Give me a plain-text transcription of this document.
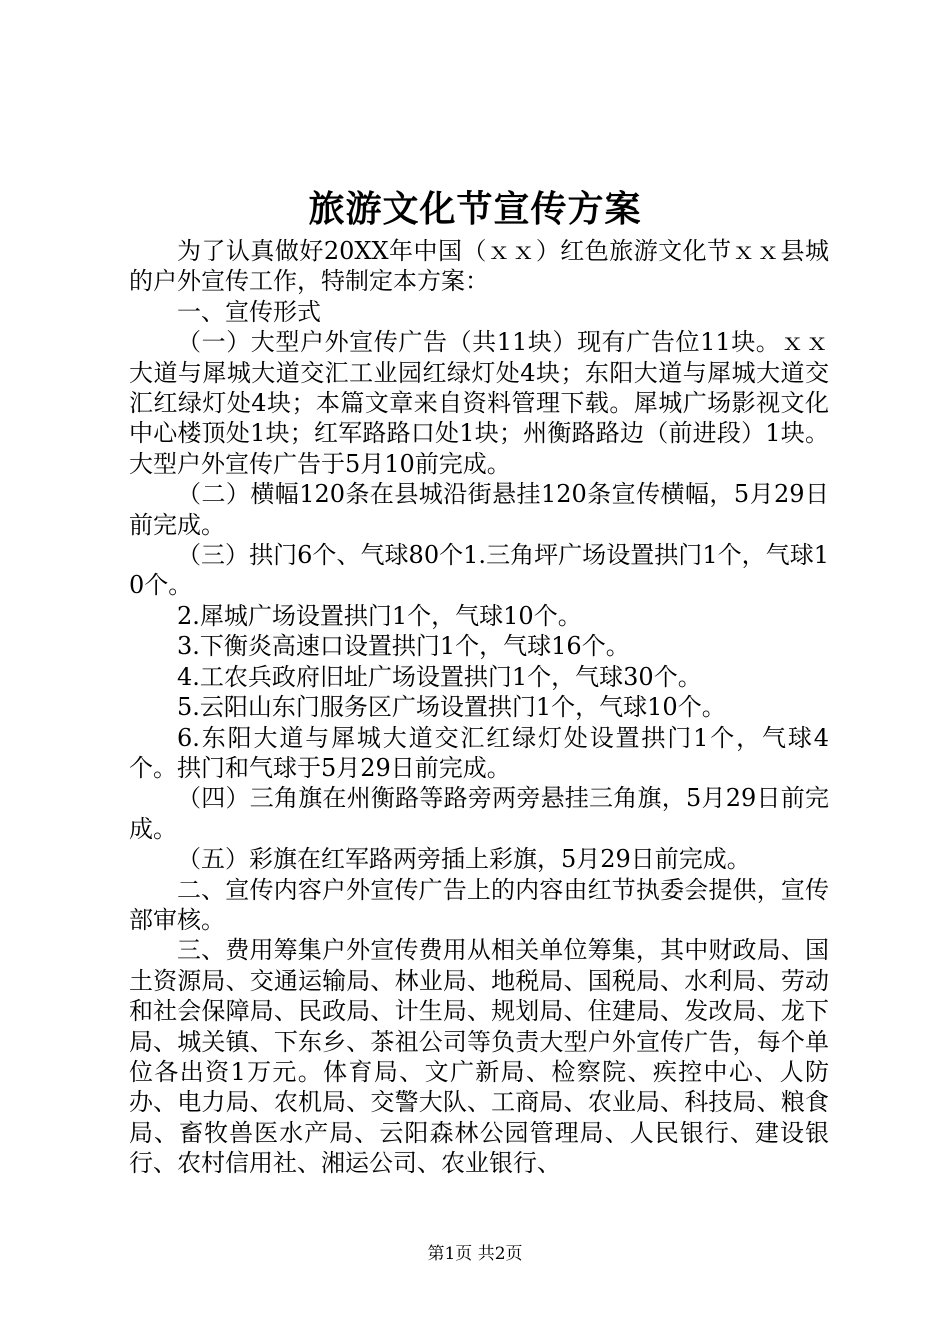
旅游文化节宣传方案

为了认真做好20XX年中国（ｘｘ）红色旅游文化节ｘｘ县城的户外宣传工作，特制定本方案：

一、宣传形式

（一）大型户外宣传广告（共11块）现有广告位11块。ｘｘ大道与犀城大道交汇工业园红绿灯处4块；东阳大道与犀城大道交汇红绿灯处4块；本篇文章来自资料管理下载。犀城广场影视文化中心楼顶处1块；红军路路口处1块；州衡路路边（前进段）1块。大型户外宣传广告于5月10前完成。

（二）横幅120条在县城沿街悬挂120条宣传横幅，5月29日前完成。

（三）拱门6个、气球80个1.三角坪广场设置拱门1个，气球10个。

2.犀城广场设置拱门1个，气球10个。

3.下衡炎高速口设置拱门1个，气球16个。

4.工农兵政府旧址广场设置拱门1个，气球30个。

5.云阳山东门服务区广场设置拱门1个，气球10个。

6.东阳大道与犀城大道交汇红绿灯处设置拱门1个，气球4个。拱门和气球于5月29日前完成。

（四）三角旗在州衡路等路旁两旁悬挂三角旗，5月29日前完成。

（五）彩旗在红军路两旁插上彩旗，5月29日前完成。

二、宣传内容户外宣传广告上的内容由红节执委会提供，宣传部审核。

三、费用筹集户外宣传费用从相关单位筹集，其中财政局、国土资源局、交通运输局、林业局、地税局、国税局、水利局、劳动和社会保障局、民政局、计生局、规划局、住建局、发改局、龙下局、城关镇、下东乡、茶祖公司等负责大型户外宣传广告，每个单位各出资1万元。体育局、文广新局、检察院、疾控中心、人防办、电力局、农机局、交警大队、工商局、农业局、科技局、粮食局、畜牧兽医水产局、云阳森林公园管理局、人民银行、建设银行、农村信用社、湘运公司、农业银行、

第1页 共2页
